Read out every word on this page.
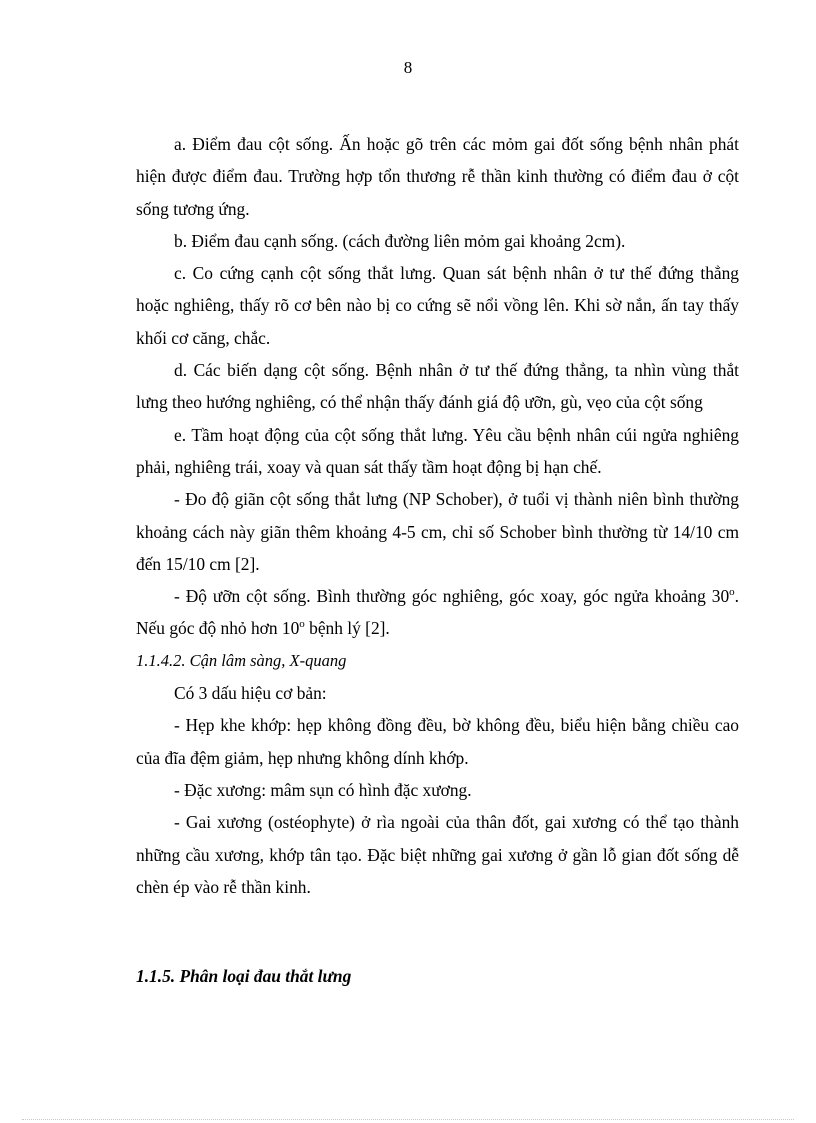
8

a. Điểm đau cột sống. Ấn hoặc gõ trên các mỏm gai đốt sống bệnh nhân phát hiện được điểm đau. Trường hợp tổn thương rễ thần kinh thường có điểm đau ở cột sống tương ứng.

b. Điểm đau cạnh sống. (cách đường liên mỏm gai khoảng 2cm).

c. Co cứng cạnh cột sống thắt lưng. Quan sát bệnh nhân ở tư thế đứng thẳng hoặc nghiêng, thấy rõ cơ bên nào bị co cứng sẽ nổi vồng lên. Khi sờ nắn, ấn tay thấy khối cơ căng, chắc.

d. Các biến dạng cột sống. Bệnh nhân ở tư thế đứng thẳng, ta nhìn vùng thắt lưng theo hướng nghiêng, có thể nhận thấy đánh giá độ ưỡn, gù, vẹo của cột sống

e. Tầm hoạt động của cột sống thắt lưng. Yêu cầu bệnh nhân cúi ngửa nghiêng phải, nghiêng trái, xoay và quan sát thấy tầm hoạt động bị hạn chế.

- Đo độ giãn cột sống thắt lưng (NP Schober), ở tuổi vị thành niên bình thường khoảng cách này giãn thêm khoảng 4-5 cm, chỉ số Schober bình thường từ 14/10 cm đến 15/10 cm [2].

- Độ ưỡn cột sống. Bình thường góc nghiêng, góc xoay, góc ngửa khoảng 30$^o$. Nếu góc độ nhỏ hơn 10$^o$ bệnh lý [2].

1.1.4.2. Cận lâm sàng, X-quang

Có 3 dấu hiệu cơ bản:

- Hẹp khe khớp: hẹp không đồng đều, bờ không đều, biểu hiện bằng chiều cao của đĩa đệm giảm, hẹp nhưng không dính khớp.

- Đặc xương: mâm sụn có hình đặc xương.

- Gai xương (ostéophyte) ở rìa ngoài của thân đốt, gai xương có thể tạo thành những cầu xương, khớp tân tạo. Đặc biệt những gai xương ở gần lỗ gian đốt sống dễ chèn ép vào rễ thần kinh.

1.1.5. Phân loại đau thắt lưng
